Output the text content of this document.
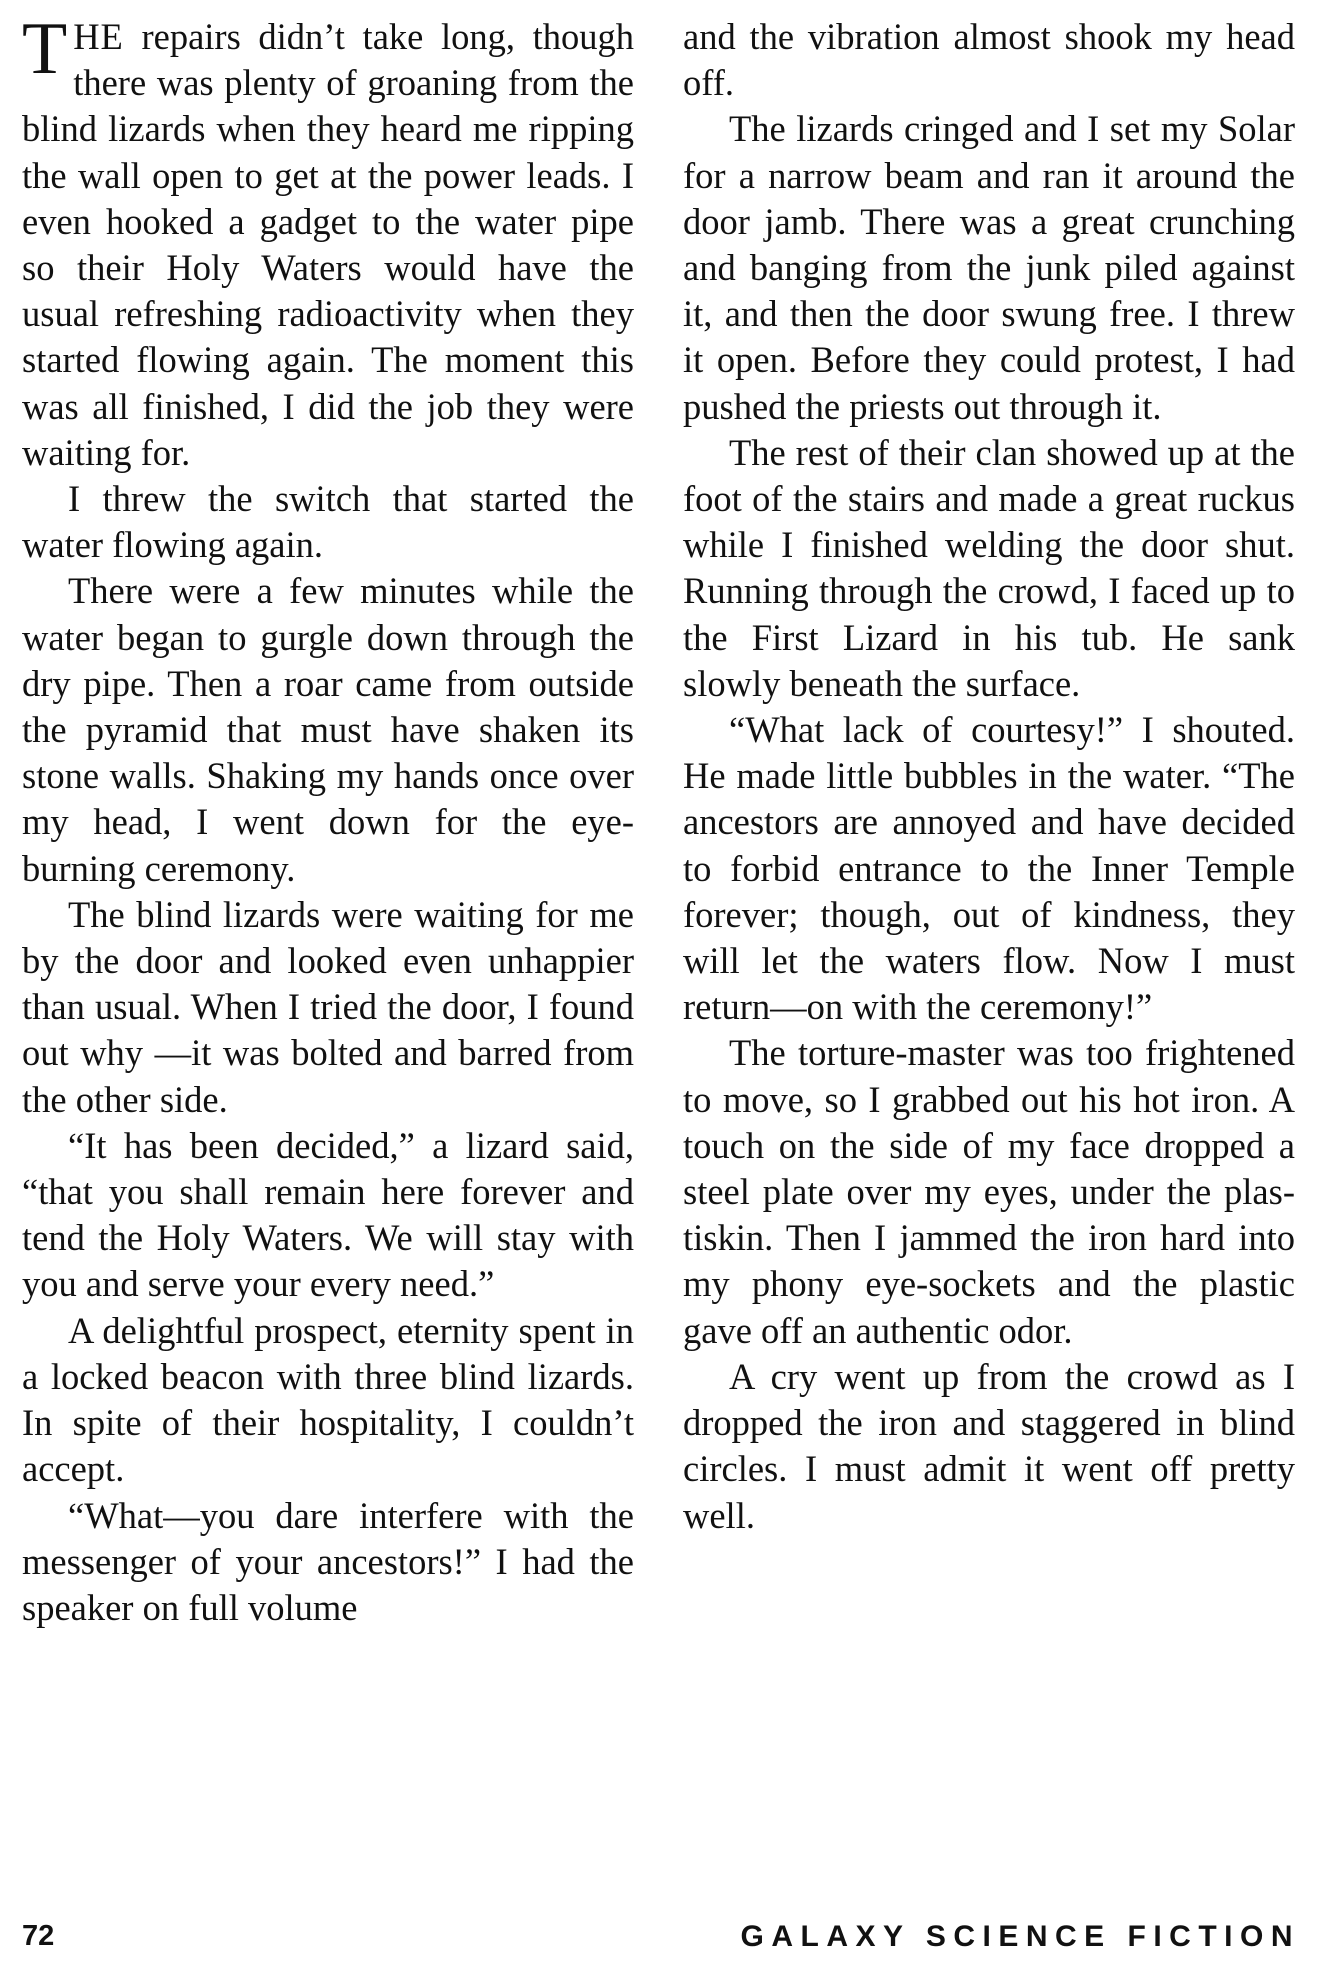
THE repairs didn’t take long, though there was plenty of groaning from the blind lizards when they heard me ripping the wall open to get at the power leads. I even hooked a gadget to the water pipe so their Holy Waters would have the usual refreshing radioactivity when they started flowing again. The moment this was all finished, I did the job they were waiting for.

I threw the switch that started the water flowing again.

There were a few minutes while the water began to gurgle down through the dry pipe. Then a roar came from outside the pyramid that must have shaken its stone walls. Shaking my hands once over my head, I went down for the eye-burning ceremony.

The blind lizards were waiting for me by the door and looked even unhappier than usual. When I tried the door, I found out why —it was bolted and barred from the other side.

“It has been decided,” a lizard said, “that you shall remain here forever and tend the Holy Waters. We will stay with you and serve your every need.”

A delightful prospect, eternity spent in a locked beacon with three blind lizards. In spite of their hospitality, I couldn’t accept.

“What—you dare interfere with the messenger of your ancestors!” I had the speaker on full volume

and the vibration almost shook my head off.

The lizards cringed and I set my Solar for a narrow beam and ran it around the door jamb. There was a great crunching and banging from the junk piled against it, and then the door swung free. I threw it open. Before they could protest, I had pushed the priests out through it.

The rest of their clan showed up at the foot of the stairs and made a great ruckus while I finished welding the door shut. Running through the crowd, I faced up to the First Lizard in his tub. He sank slowly beneath the surface.

“What lack of courtesy!” I shouted. He made little bubbles in the water. “The ancestors are annoyed and have decided to forbid entrance to the Inner Temple forever; though, out of kindness, they will let the waters flow. Now I must return—on with the ceremony!”

The torture-master was too frightened to move, so I grabbed out his hot iron. A touch on the side of my face dropped a steel plate over my eyes, under the plastiskin. Then I jammed the iron hard into my phony eye-sockets and the plastic gave off an authentic odor.

A cry went up from the crowd as I dropped the iron and staggered in blind circles. I must admit it went off pretty well.

72	GALAXY SCIENCE FICTION
